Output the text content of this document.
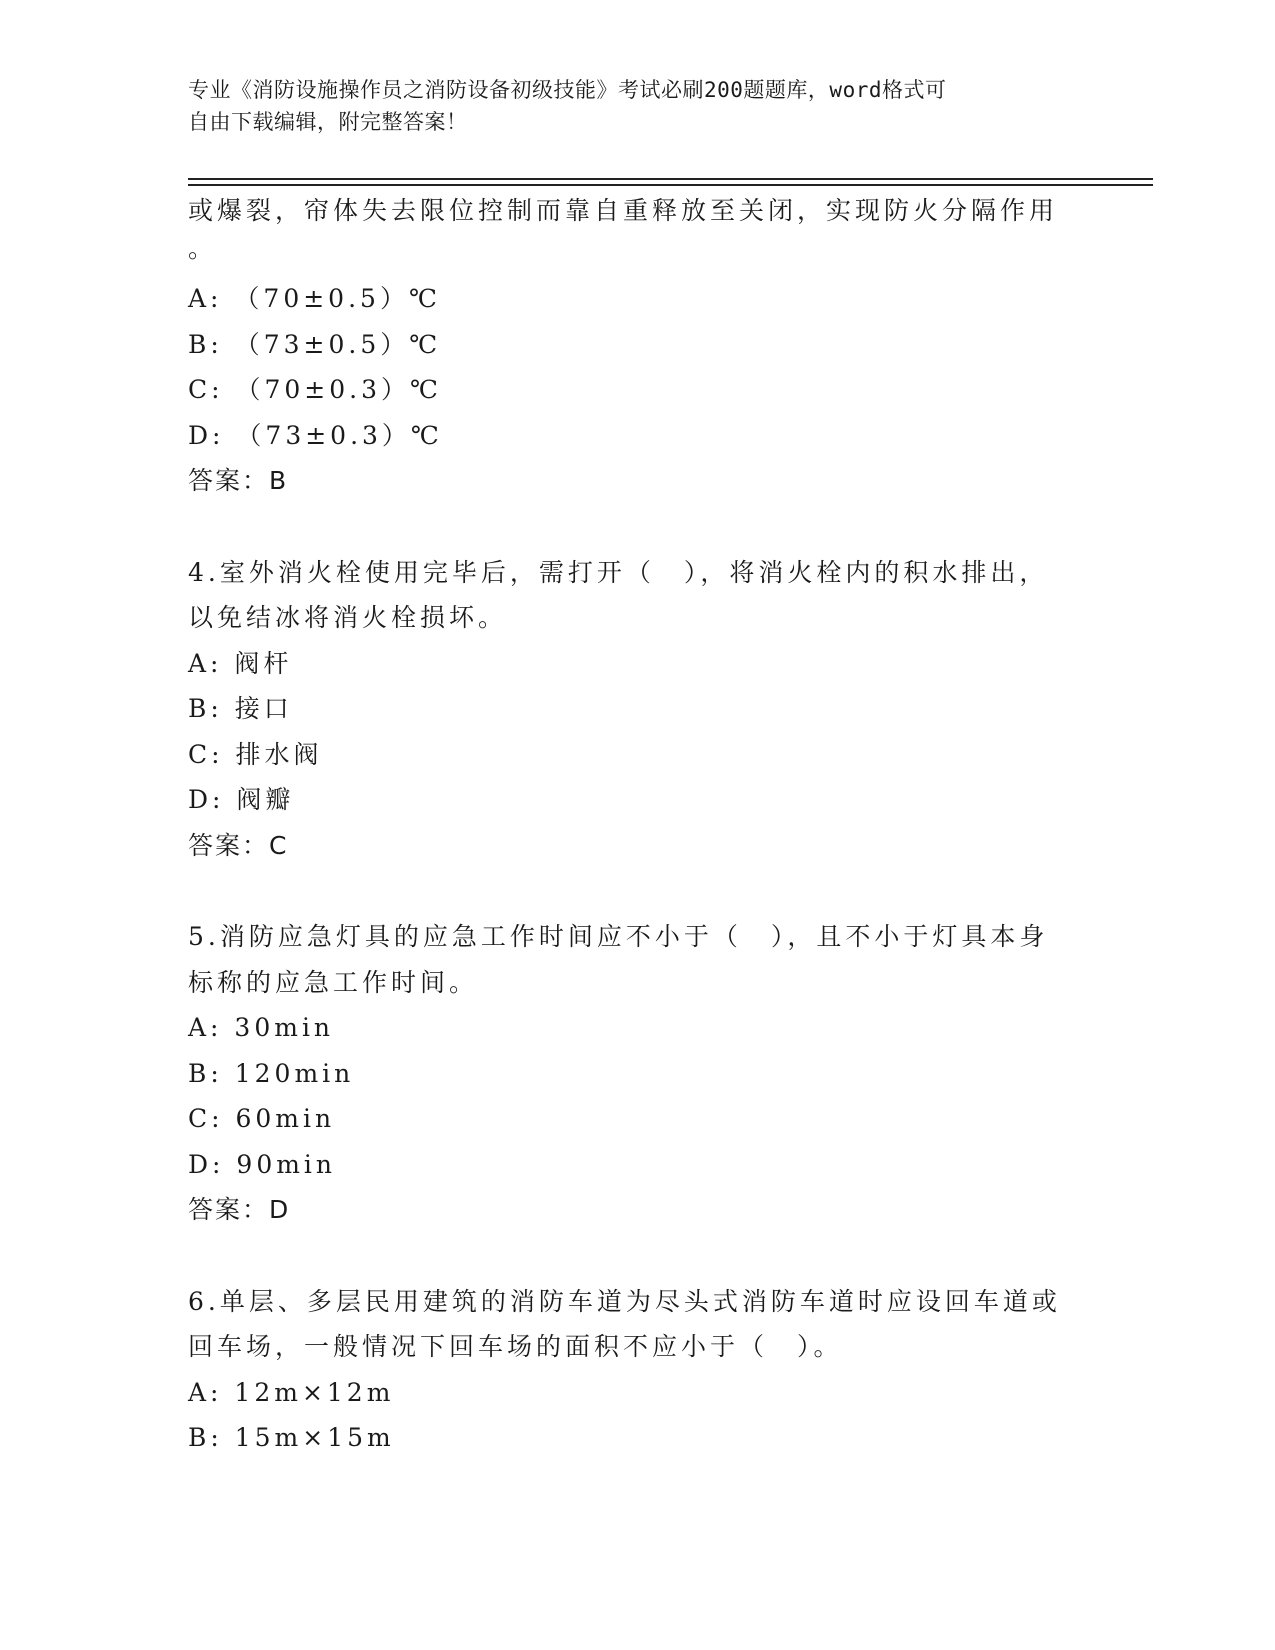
专业《消防设施操作员之消防设备初级技能》考试必刷200题题库，word格式可
自由下载编辑，附完整答案！
或爆裂，帘体失去限位控制而靠自重释放至关闭，实现防火分隔作用
。
A: （70±0.5）℃
B: （73±0.5）℃
C: （70±0.3）℃
D: （73±0.3）℃
答案：B
4.室外消火栓使用完毕后，需打开（　），将消火栓内的积水排出，
以免结冰将消火栓损坏。
A: 阀杆
B: 接口
C: 排水阀
D: 阀瓣
答案：C
5.消防应急灯具的应急工作时间应不小于（　），且不小于灯具本身
标称的应急工作时间。
A: 30min
B: 120min
C: 60min
D: 90min
答案：D
6.单层、多层民用建筑的消防车道为尽头式消防车道时应设回车道或
回车场，一般情况下回车场的面积不应小于（　）。
A: 12m×12m
B: 15m×15m
